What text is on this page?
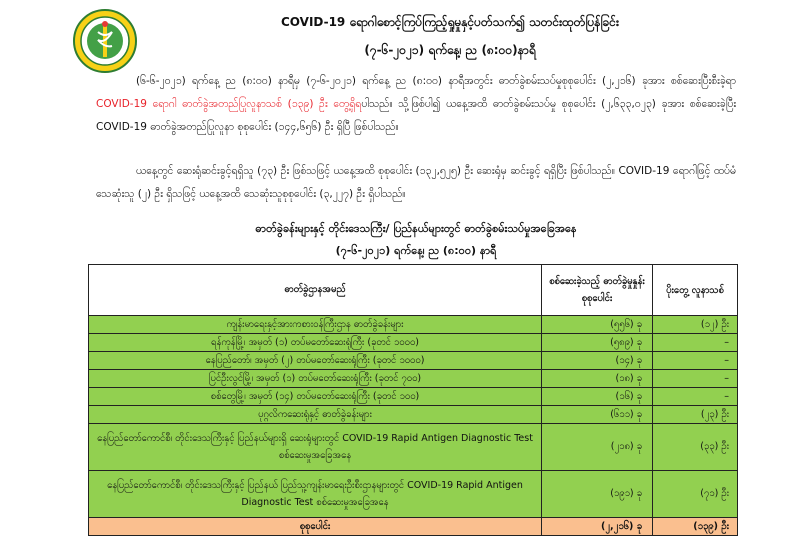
COVID-19 ရောဂါစောင့်ကြပ်ကြည့်ရှုမှုနှင့်ပတ်သက်၍ သတင်းထုတ်ပြန်ခြင်း
(၇-၆-၂၀၂၁) ရက်နေ့၊ ည (၈:၀၀)နာရီ
(၆-၆-၂၀၂၁) ရက်နေ့ ည (၈:၀၀) နာရီမှ (၇-၆-၂၀၂၁) ရက်နေ့ ည (၈:၀၀) နာရီအတွင်း ဓာတ်ခွဲစမ်းသပ်မှုစုစုပေါင်း (၂,၂၁၆) ခုအား စစ်ဆေးပြီးစီးခဲ့ရာ COVID-19 ရောဂါ ဓာတ်ခွဲအတည်ပြုလူနာသစ် (၁၃၉) ဦး တွေ့ရှိရပါသည်။ သို့ဖြစ်ပါ၍ ယနေ့အထိ ဓာတ်ခွဲစမ်းသပ်မှု စုစုပေါင်း (၂,၆၃၃,၀၂၃) ခုအား စစ်ဆေးခဲ့ပြီး COVID-19 ဓာတ်ခွဲအတည်ပြုလူနာ စုစုပေါင်း (၁၄၄,၆၅၆) ဦး ရှိပြီ ဖြစ်ပါသည်။
ယနေ့တွင် ဆေးရုံဆင်းခွင့်ရရှိသူ (၇၃) ဦး ဖြစ်သဖြင့် ယနေ့အထိ စုစုပေါင်း (၁၃၂,၅၂၅) ဦး ဆေးရုံမှ ဆင်းခွင့် ရရှိပြီး ဖြစ်ပါသည်။ COVID-19 ရောဂါဖြင့် ထပ်မံသေဆုံးသူ (၂) ဦး ရှိသဖြင့် ယနေ့အထိ သေဆုံးသူစုစုပေါင်း (၃,၂၂၇) ဦး ရှိပါသည်။
ဓာတ်ခွဲခန်းများနှင့် တိုင်းဒေသကြီး/ ပြည်နယ်များတွင် ဓာတ်ခွဲစမ်းသပ်မှုအခြေအနေ
(၇-၆-၂၀၂၁) ရက်နေ့၊ ည (၈:၀၀) နာရီ
ဓာတ်ခွဲဌာနအမည်	စစ်ဆေးခဲ့သည့် ဓာတ်ခွဲမှုနှုန်း စုစုပေါင်း	ပိုးတွေ့ လူနာသစ်
ကျန်းမာရေးနှင့်အားကစားဝန်ကြီးဌာန ဓာတ်ခွဲခန်းများ	(၅၅၆) ခု	(၁၂) ဦး
ရန်ကုန်မြို့၊ အမှတ် (၁) တပ်မတော်ဆေးရုံကြီး (ခုတင် ၁၀၀၀)	(၅၈၉) ခု	–
နေပြည်တော်၊ အမှတ် (၂) တပ်မတော်ဆေးရုံကြီး (ခုတင် ၁၀၀၀)	(၁၄) ခု	–
ပြင်ဦးလွင်မြို့၊ အမှတ် (၁) တပ်မတော်ဆေးရုံကြီး (ခုတင် ၇၀၀)	(၁၈) ခု	–
စစ်တွေမြို့၊ အမှတ် (၁၄) တပ်မတော်ဆေးရုံကြီး (ခုတင် ၁၀၀)	(၁၆) ခု	–
ပုဂ္ဂလိကဆေးရုံနှင့် ဓာတ်ခွဲခန်းများ	(၆၁၁) ခု	(၂၃) ဦး
နေပြည်တော်ကောင်စီ၊ တိုင်းဒေသကြီးနှင့် ပြည်နယ်များရှိ ဆေးရုံများတွင် COVID-19 Rapid Antigen Diagnostic Test စစ်ဆေးမှုအခြေအနေ	(၂၁၈) ခု	(၃၃) ဦး
နေပြည်တော်ကောင်စီ၊ တိုင်းဒေသကြီးနှင့် ပြည်နယ် ပြည်သူ့ကျန်းမာရေးဦးစီးဌာနများတွင် COVID-19 Rapid Antigen Diagnostic Test စစ်ဆေးမှုအခြေအနေ	(၁၉၁) ခု	(၇၁) ဦး
စုစုပေါင်း	(၂,၂၁၆) ခု	(၁၃၉) ဦး
